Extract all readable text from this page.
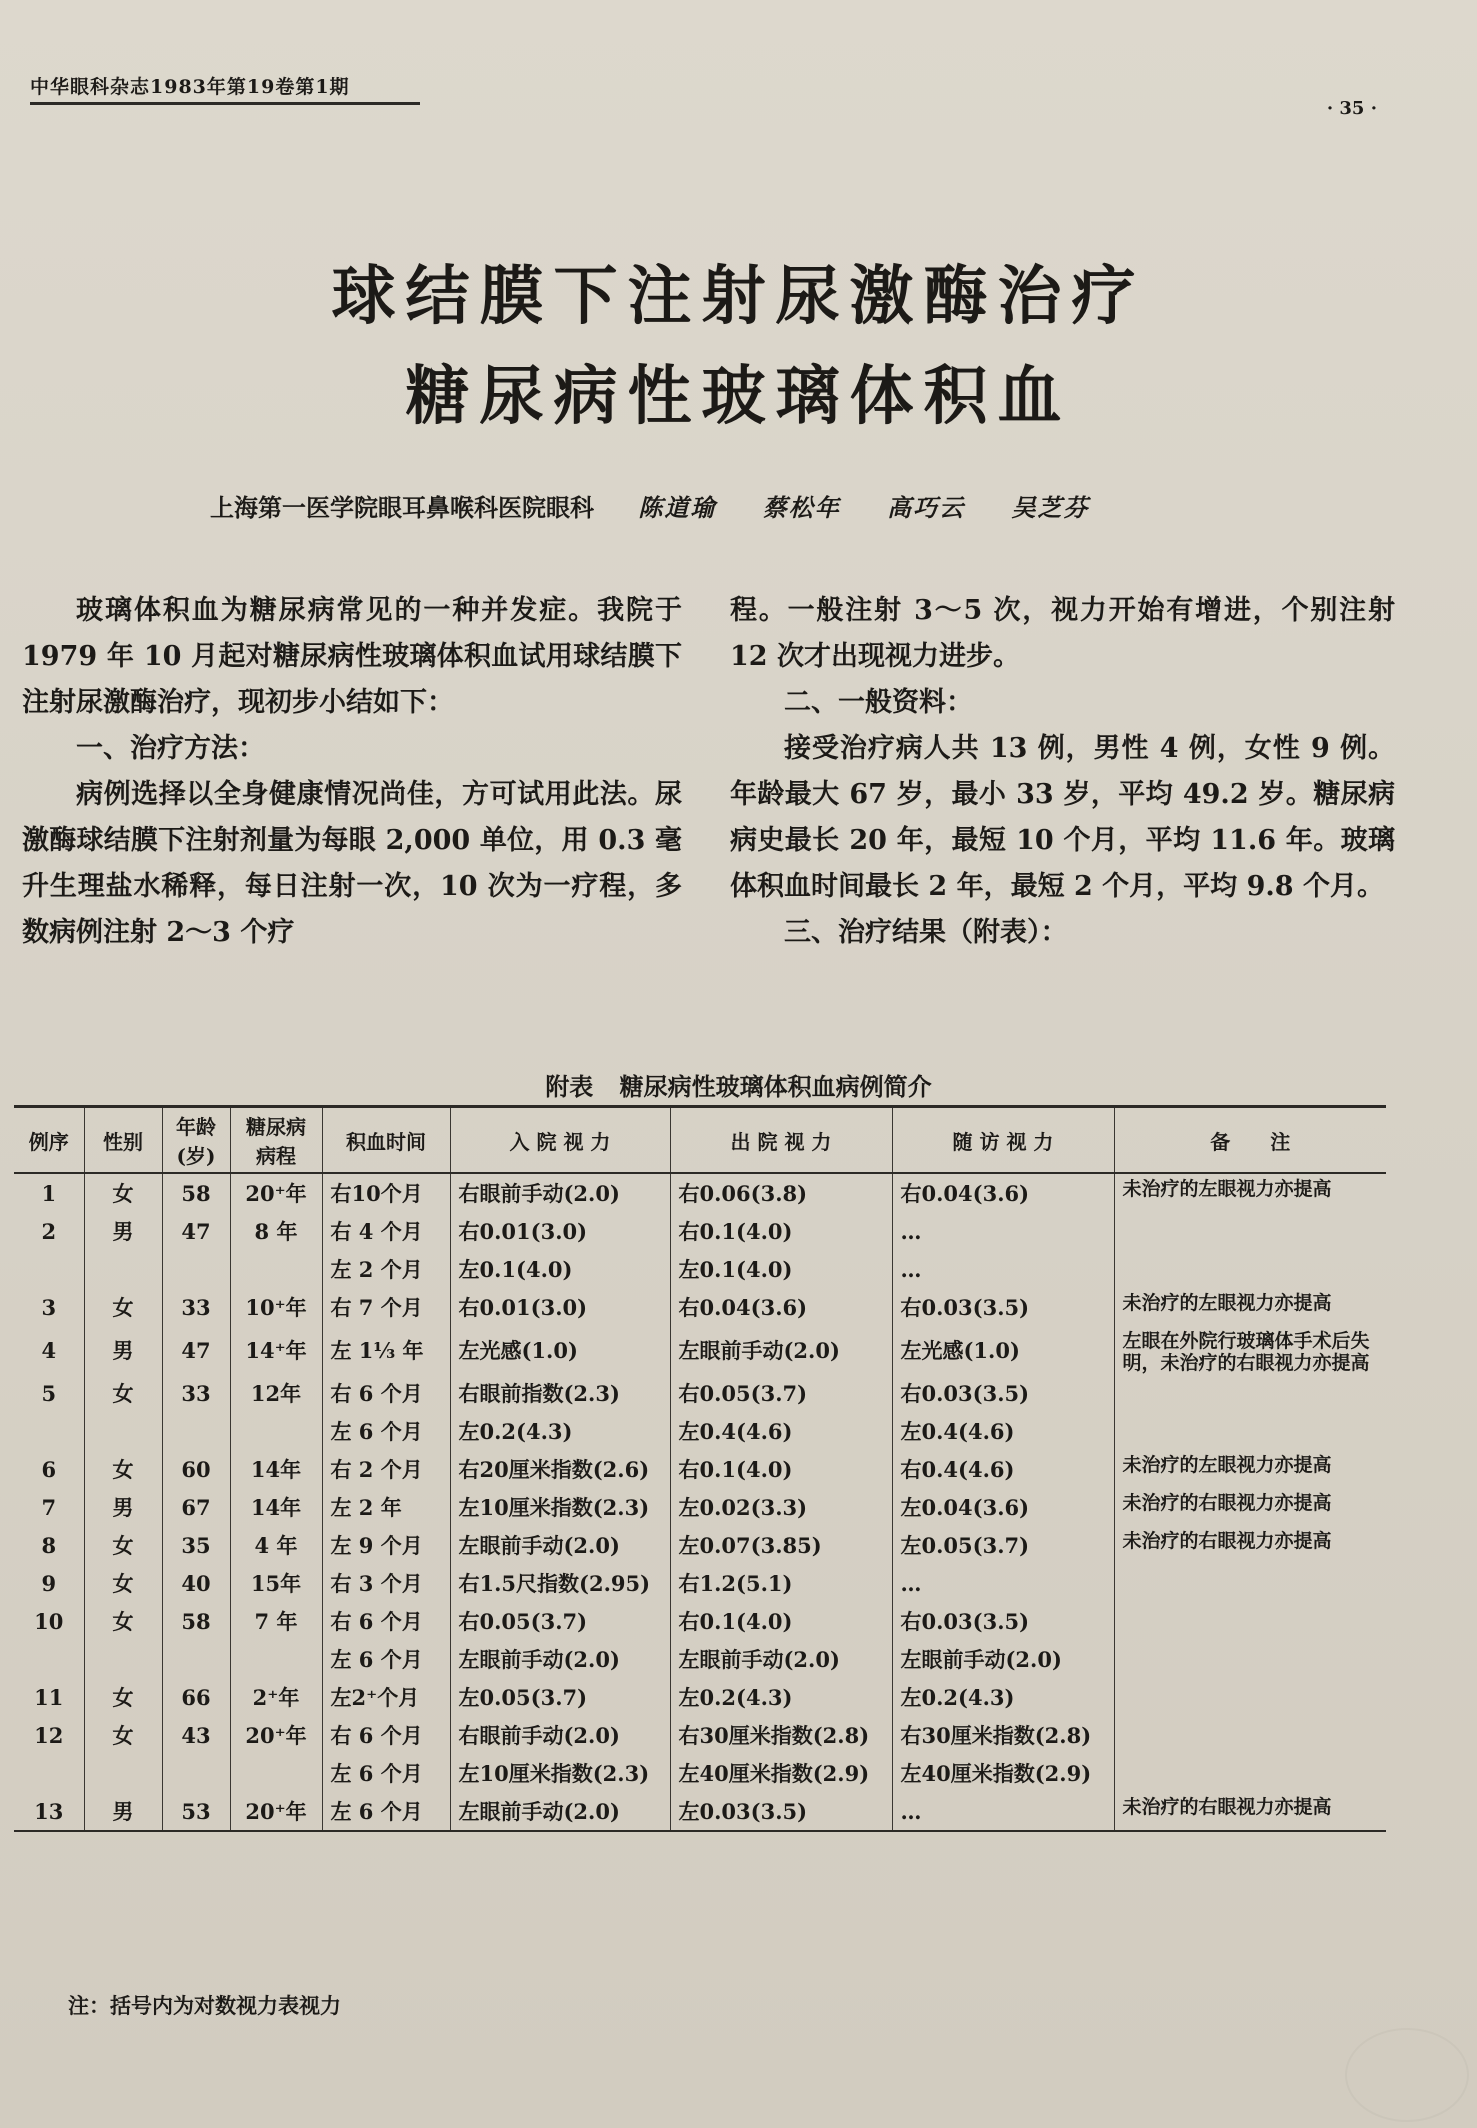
中华眼科杂志1983年第19卷第1期
· 35 ·
球结膜下注射尿激酶治疗
糖尿病性玻璃体积血
上海第一医学院眼耳鼻喉科医院眼科 陈道瑜 蔡松年 高巧云 吴芝芬

玻璃体积血为糖尿病常见的一种并发症。我院于 1979 年 10 月起对糖尿病性玻璃体积血试用球结膜下注射尿激酶治疗，现初步小结如下：

一、治疗方法：

病例选择以全身健康情况尚佳，方可试用此法。尿激酶球结膜下注射剂量为每眼 2,000 单位，用 0.3 毫升生理盐水稀释，每日注射一次，10 次为一疗程，多数病例注射 2～3 个疗

程。一般注射 3～5 次，视力开始有增进，个别注射 12 次才出现视力进步。

二、一般资料：

接受治疗病人共 13 例，男性 4 例，女性 9 例。年龄最大 67 岁，最小 33 岁，平均 49.2 岁。糖尿病病史最长 20 年，最短 10 个月，平均 11.6 年。玻璃体积血时间最长 2 年，最短 2 个月，平均 9.8 个月。

三、治疗结果（附表）：

附表 糖尿病性玻璃体积血病例简介
例序	性别	年龄(岁)	糖尿病病程	积血时间	入 院 视 力	出 院 视 力	随 访 视 力	备　　注
1	女	58	20⁺年	右10个月	右眼前手动(2.0)	右0.06(3.8)	右0.04(3.6)	未治疗的左眼视力亦提高
2	男	47	8 年	右 4 个月	右0.01(3.0)	右0.1(4.0)	…	
				左 2 个月	左0.1(4.0)	左0.1(4.0)	…	
3	女	33	10⁺年	右 7 个月	右0.01(3.0)	右0.04(3.6)	右0.03(3.5)	未治疗的左眼视力亦提高
4	男	47	14⁺年	左 1⅓ 年	左光感(1.0)	左眼前手动(2.0)	左光感(1.0)	左眼在外院行玻璃体手术后失明，未治疗的右眼视力亦提高
5	女	33	12年	右 6 个月	右眼前指数(2.3)	右0.05(3.7)	右0.03(3.5)	
				左 6 个月	左0.2(4.3)	左0.4(4.6)	左0.4(4.6)	
6	女	60	14年	右 2 个月	右20厘米指数(2.6)	右0.1(4.0)	右0.4(4.6)	未治疗的左眼视力亦提高
7	男	67	14年	左 2 年	左10厘米指数(2.3)	左0.02(3.3)	左0.04(3.6)	未治疗的右眼视力亦提高
8	女	35	4 年	左 9 个月	左眼前手动(2.0)	左0.07(3.85)	左0.05(3.7)	未治疗的右眼视力亦提高
9	女	40	15年	右 3 个月	右1.5尺指数(2.95)	右1.2(5.1)	…	
10	女	58	7 年	右 6 个月	右0.05(3.7)	右0.1(4.0)	右0.03(3.5)	
				左 6 个月	左眼前手动(2.0)	左眼前手动(2.0)	左眼前手动(2.0)	
11	女	66	2⁺年	左2⁺个月	左0.05(3.7)	左0.2(4.3)	左0.2(4.3)	
12	女	43	20⁺年	右 6 个月	右眼前手动(2.0)	右30厘米指数(2.8)	右30厘米指数(2.8)	
				左 6 个月	左10厘米指数(2.3)	左40厘米指数(2.9)	左40厘米指数(2.9)	
13	男	53	20⁺年	左 6 个月	左眼前手动(2.0)	左0.03(3.5)	…	未治疗的右眼视力亦提高
注：括号内为对数视力表视力
